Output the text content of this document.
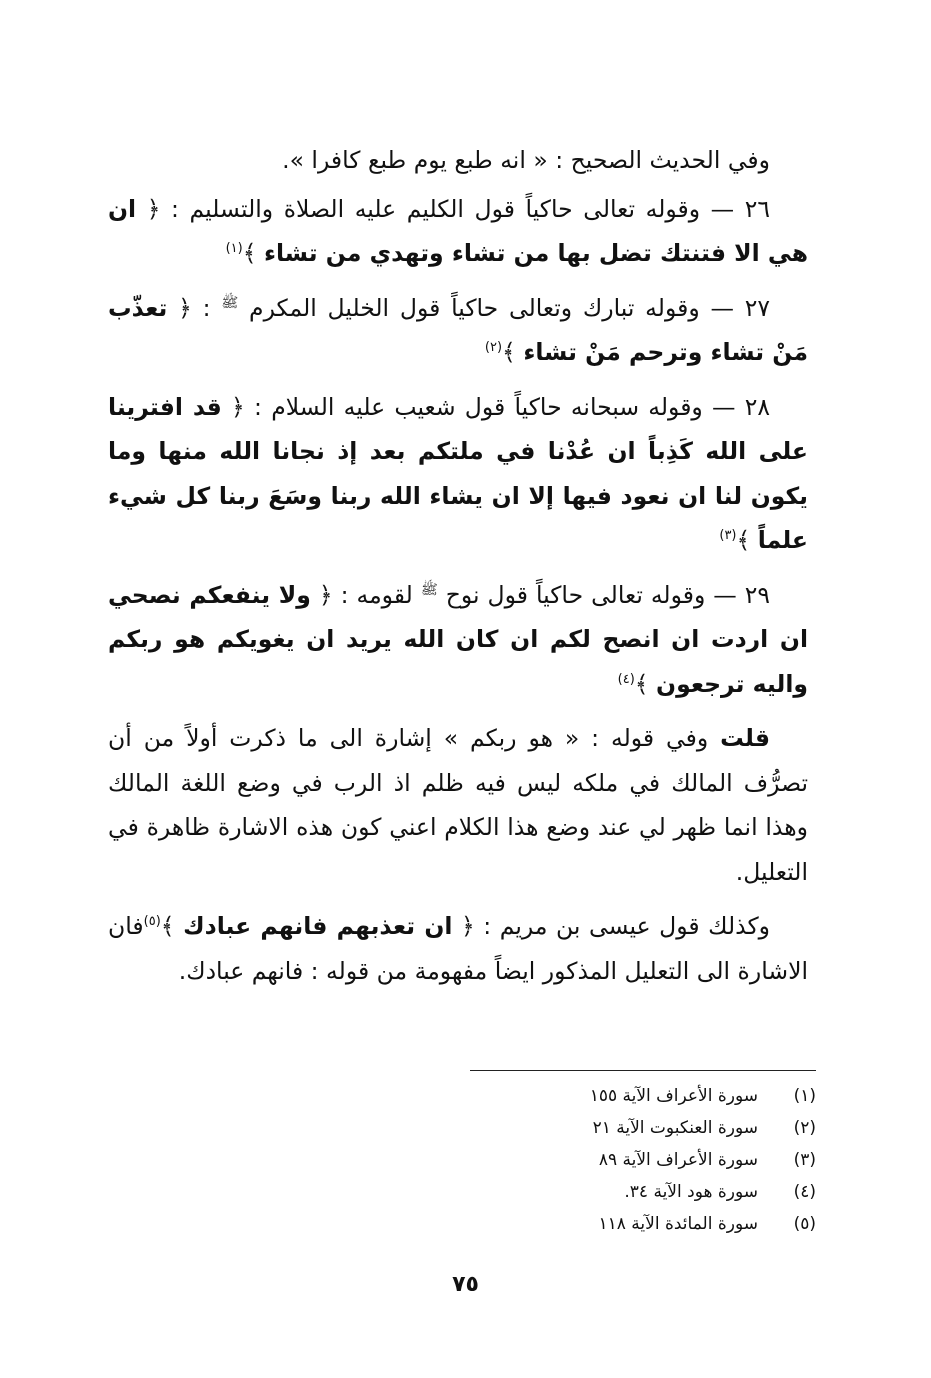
وفي الحديث الصحيح : « انه طبع يوم طبع كافرا ».

٢٦ — وقوله تعالى حاكياً قول الكليم عليه الصلاة والتسليم : ﴿ ان هي الا فتنتك تضل بها من تشاء وتهدي من تشاء ﴾$^{(١)}$

٢٧ — وقوله تبارك وتعالى حاكياً قول الخليل المكرم $^ﷺ$ : ﴿ تعذّب مَنْ تشاء وترحم مَنْ تشاء ﴾$^{(٢)}$

٢٨ — وقوله سبحانه حاكياً قول شعيب عليه السلام : ﴿ قد افترينا على الله كَذِباً ان عُدْنا في ملتكم بعد إذ نجانا الله منها وما يكون لنا ان نعود فيها إلا ان يشاء الله ربنا وسَعَ ربنا كل شيء علماً ﴾$^{(٣)}$

٢٩ — وقوله تعالى حاكياً قول نوح $^ﷺ$ لقومه : ﴿ ولا ينفعكم نصحي ان اردت ان انصح لكم ان كان الله يريد ان يغويكم هو ربكم واليه ترجعون ﴾$^{(٤)}$

قلت وفي قوله : « هو ربكم » إشارة الى ما ذكرت أولاً من أن تصرُّف المالك في ملكه ليس فيه ظلم اذ الرب في وضع اللغة المالك وهذا انما ظهر لي عند وضع هذا الكلام اعني كون هذه الاشارة ظاهرة في التعليل.

وكذلك قول عيسى بن مريم : ﴿ ان تعذبهم فانهم عبادك ﴾$^{(٥)}$فان الاشارة الى التعليل المذكور ايضاً مفهومة من قوله : فانهم عبادك.

(١)
سورة الأعراف الآية ١٥٥
(٢)
سورة العنكبوت الآية ٢١
(٣)
سورة الأعراف الآية ٨٩
(٤)
سورة هود الآية ٣٤.
(٥)
سورة المائدة الآية ١١٨
٧٥
